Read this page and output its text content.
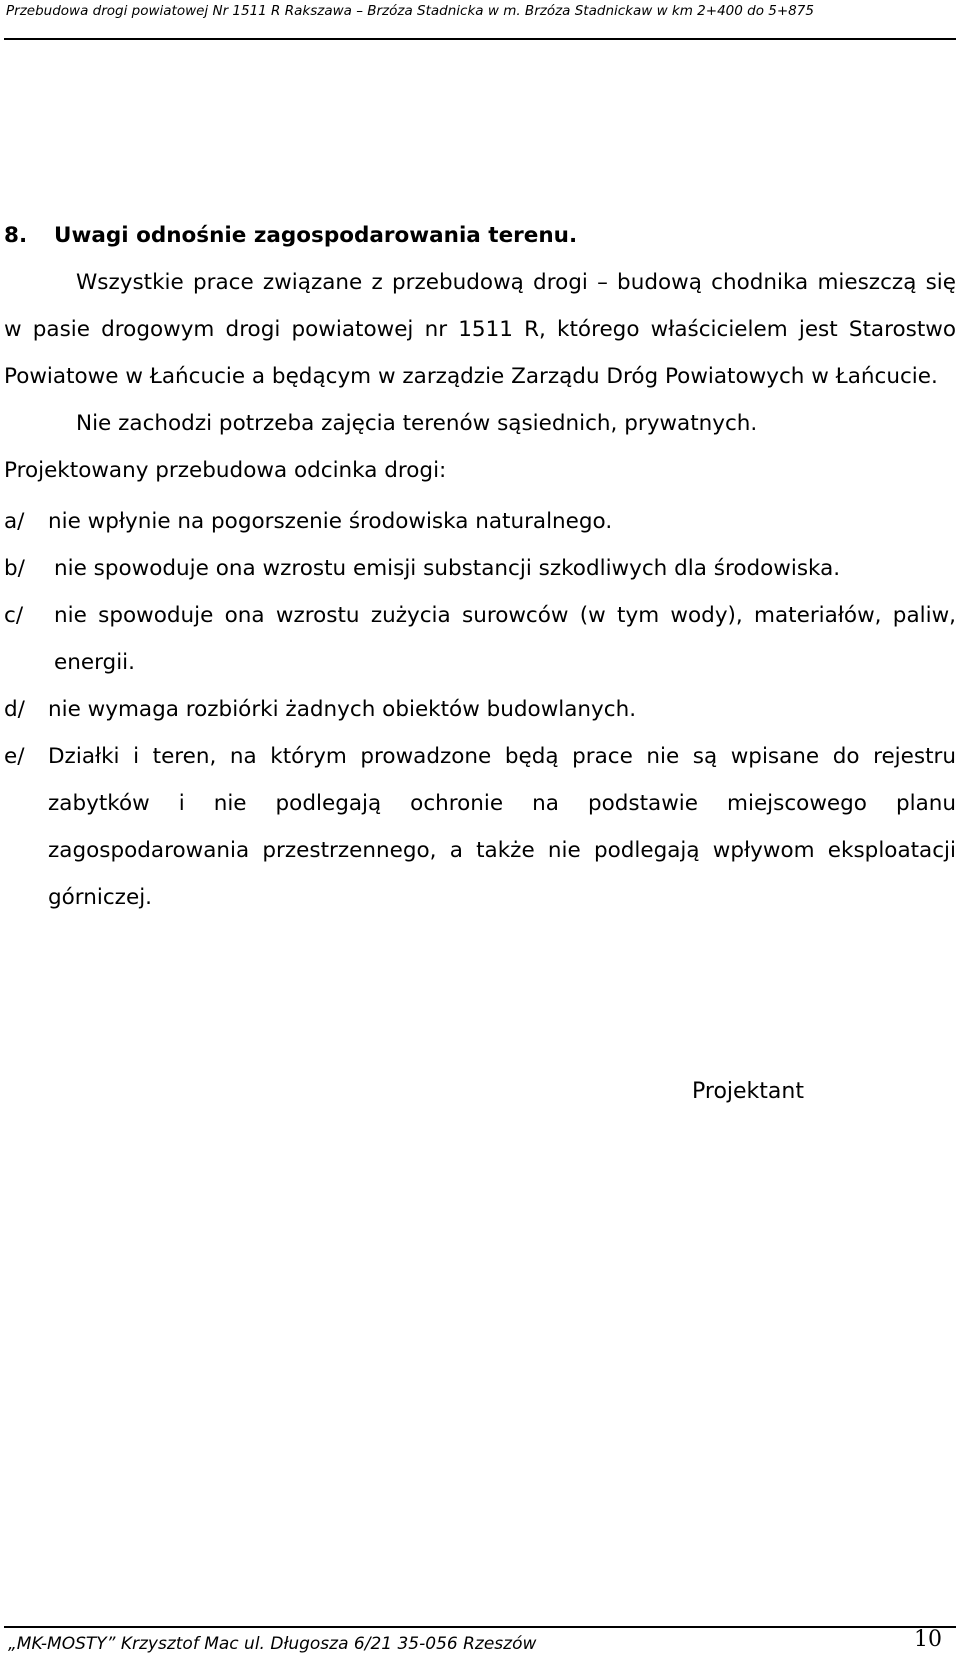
Przebudowa drogi powiatowej Nr 1511 R Rakszawa – Brzóza Stadnicka w m. Brzóza Stadnickaw w km 2+400 do 5+875

8. Uwagi odnośnie zagospodarowania terenu.

Wszystkie prace związane z przebudową drogi – budową chodnika mieszczą się w pasie drogowym drogi powiatowej nr 1511 R, którego właścicielem jest Starostwo Powiatowe w Łańcucie a będącym w zarządzie Zarządu Dróg Powiatowych w Łańcucie.

Nie zachodzi potrzeba zajęcia terenów sąsiednich, prywatnych.

Projektowany przebudowa odcinka drogi:

a/ nie wpłynie na pogorszenie środowiska naturalnego.

b/ nie spowoduje ona wzrostu emisji substancji szkodliwych dla środowiska.

c/ nie spowoduje ona wzrostu zużycia surowców (w tym wody), materiałów, paliw, energii.

d/ nie wymaga rozbiórki żadnych obiektów budowlanych.

e/ Działki i teren, na którym prowadzone będą prace nie są wpisane do rejestru zabytków i nie podlegają ochronie na podstawie miejscowego planu zagospodarowania przestrzennego, a także nie podlegają wpływom eksploatacji górniczej.

Projektant
„MK-MOSTY” Krzysztof Mac ul. Długosza 6/21 35-056 Rzeszów	10
